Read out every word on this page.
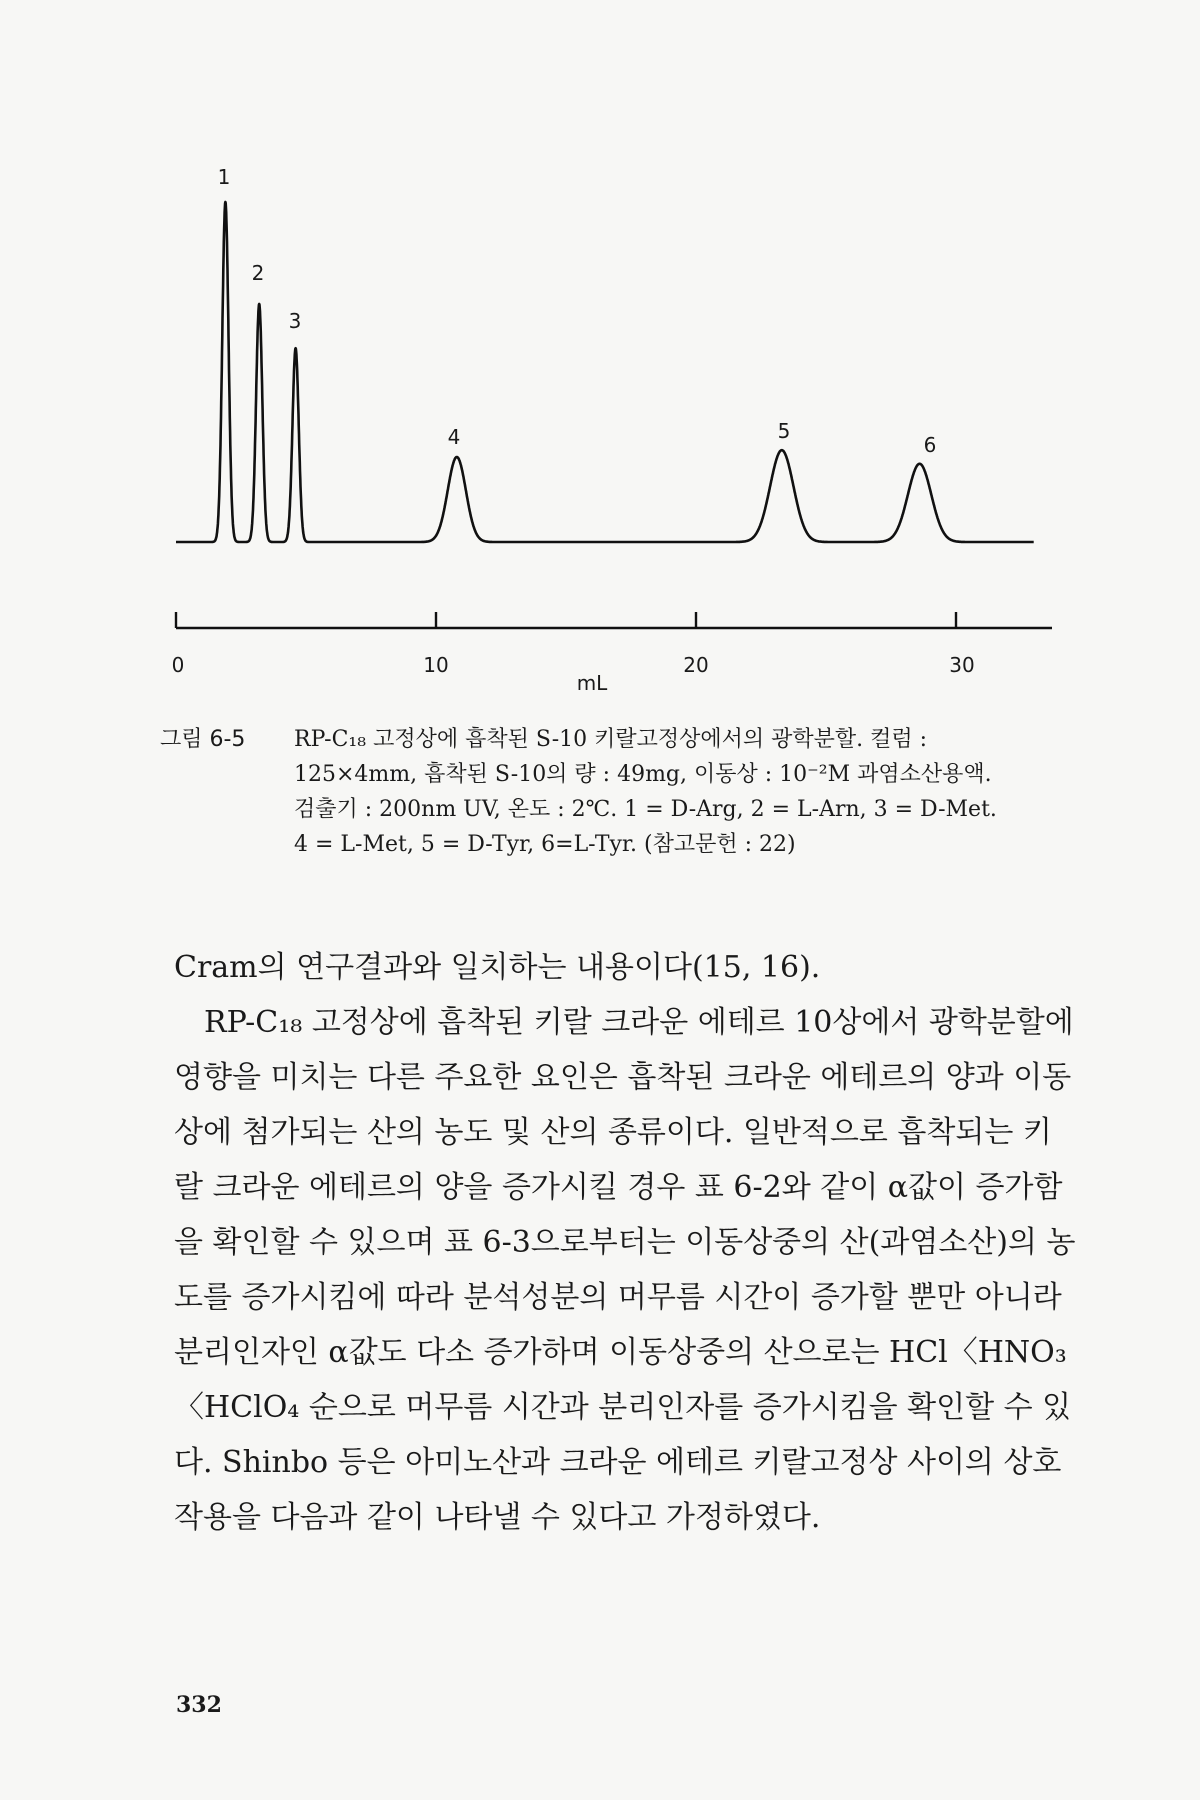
0	10	20	30
mL
1
2
3
4	5
6
그림 6-5	RP-C₁₈ 고정상에 흡착된 S-10 키랄고정상에서의 광학분할. 컬럼 :
125×4mm, 흡착된 S-10의 량 : 49mg, 이동상 : 10⁻²M 과염소산용액.
검출기 : 200nm UV, 온도 : 2℃. 1 = D-Arg, 2 = L-Arn, 3 = D-Met.
4 = L-Met, 5 = D-Tyr, 6=L-Tyr. (참고문헌 : 22)
Cram의 연구결과와 일치하는 내용이다(15, 16).
RP-C₁₈ 고정상에 흡착된 키랄 크라운 에테르 10상에서 광학분할에
영향을 미치는 다른 주요한 요인은 흡착된 크라운 에테르의 양과 이동
상에 첨가되는 산의 농도 및 산의 종류이다. 일반적으로 흡착되는 키
랄 크라운 에테르의 양을 증가시킬 경우 표 6-2와 같이 α값이 증가함
을 확인할 수 있으며 표 6-3으로부터는 이동상중의 산(과염소산)의 농
도를 증가시킴에 따라 분석성분의 머무름 시간이 증가할 뿐만 아니라
분리인자인 α값도 다소 증가하며 이동상중의 산으로는 HCl〈HNO₃
〈HClO₄ 순으로 머무름 시간과 분리인자를 증가시킴을 확인할 수 있
다. Shinbo 등은 아미노산과 크라운 에테르 키랄고정상 사이의 상호
작용을 다음과 같이 나타낼 수 있다고 가정하였다.
332
